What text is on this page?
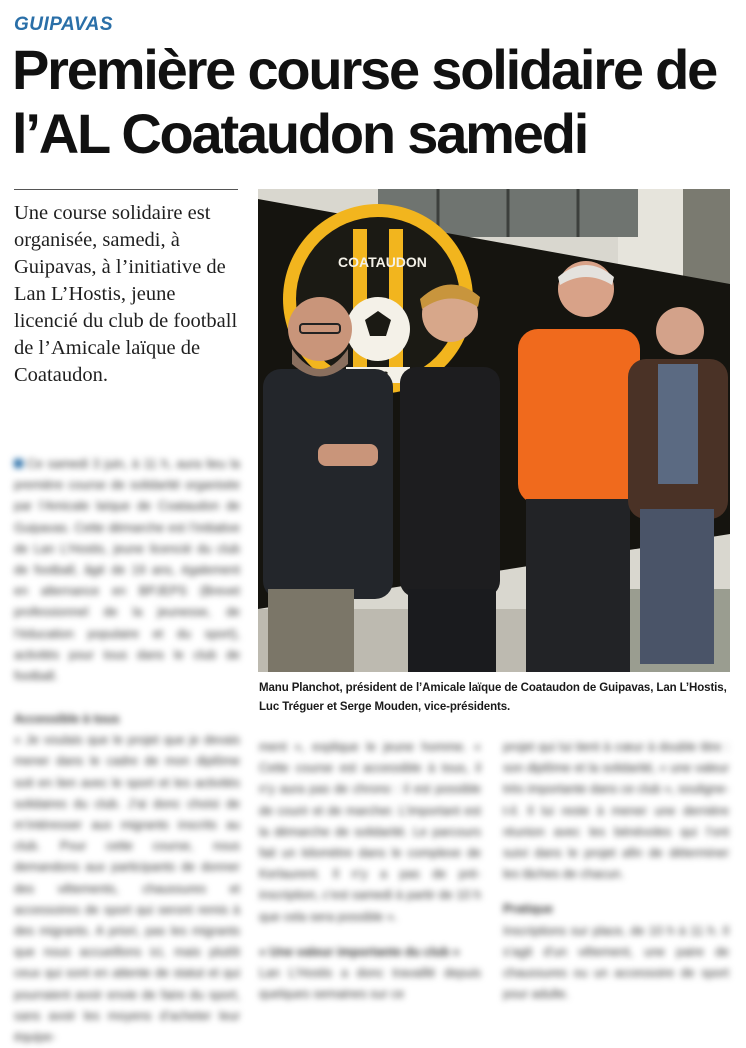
GUIPAVAS
Première course solidaire de l’AL Coataudon samedi

Une course solidaire est organisée, samedi, à Guipavas, à l’initiative de Lan L’Hostis, jeune licencié du club de football de l’Amicale laïque de Coataudon.

COATAUDON

Manu Planchot, président de l’Amicale laïque de Coataudon de Guipavas, Lan L’Hostis, Luc Tréguer et Serge Mouden, vice-présidents.

Ce samedi 3 juin, à 11 h, aura lieu la première course de solidarité organisée par l’Amicale laïque de Coataudon de Guipavas. Cette démarche est l’initiative de Lan L’Hostis, jeune licencié du club de football, âgé de 19 ans, également en alternance en BPJEPS (Brevet professionnel de la jeunesse, de l’éducation populaire et du sport), activités pour tous dans le club de football.

Accessible à tous

« Je voulais que le projet que je devais mener dans le cadre de mon diplôme soit en lien avec le sport et les activités solidaires du club. J’ai donc choisi de m’intéresser aux migrants inscrits au club. Pour cette course, nous demandons aux participants de donner des vêtements, chaussures et accessoires de sport qui seront remis à des migrants. A priori, pas les migrants que nous accueillons ici, mais plutôt ceux qui sont en attente de statut et qui pourraient avoir envie de faire du sport, sans avoir les moyens d’acheter leur équipe-

ment », explique le jeune homme. « Cette course est accessible à tous, il n’y aura pas de chrono : il est possible de courir et de marcher. L’important est la démarche de solidarité. Le parcours fait un kilomètre dans le complexe de Kerlaurent. Il n’y a pas de pré-inscription, c’est samedi à partir de 10 h que cela sera possible ».

« Une valeur importante du club »

Lan L’Hostis a donc travaillé depuis quelques semaines sur ce

projet qui lui tient à cœur à double titre : son diplôme et la solidarité, « une valeur très importante dans ce club », souligne-t-il. Il lui reste à mener une dernière réunion avec les bénévoles qui l’ont suivi dans le projet afin de déterminer les tâches de chacun.

Pratique

Inscriptions sur place, de 10 h à 11 h. Il s’agit d’un vêtement, une paire de chaussures ou un accessoire de sport pour adulte.
